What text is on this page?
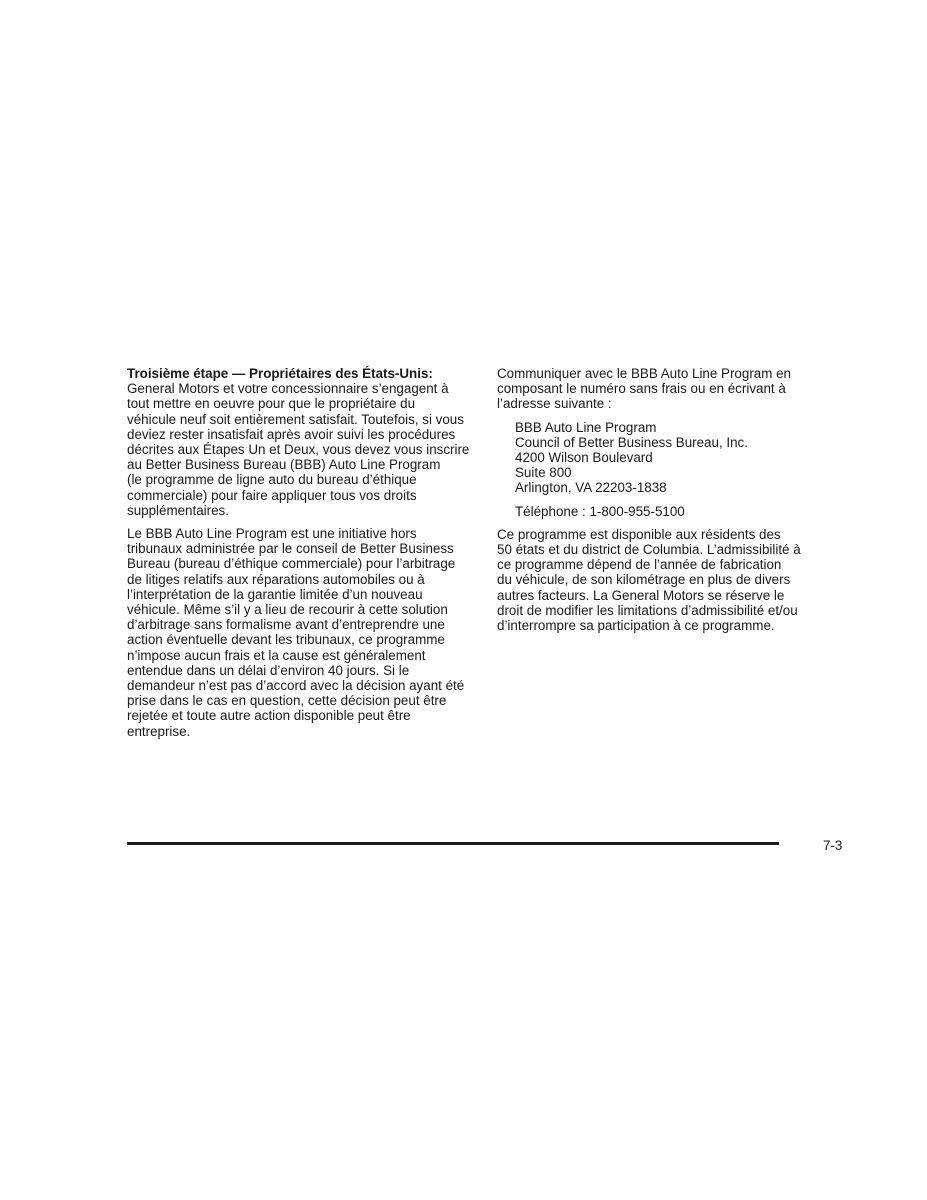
Troisième étape — Propriétaires des États-Unis:
General Motors et votre concessionnaire s’engagent à
tout mettre en oeuvre pour que le propriétaire du
véhicule neuf soit entièrement satisfait. Toutefois, si vous
deviez rester insatisfait après avoir suivi les procédures
décrites aux Étapes Un et Deux, vous devez vous inscrire
au Better Business Bureau (BBB) Auto Line Program
(le programme de ligne auto du bureau d’éthique
commerciale) pour faire appliquer tous vos droits
supplémentaires.
Le BBB Auto Line Program est une initiative hors
tribunaux administrée par le conseil de Better Business
Bureau (bureau d’éthique commerciale) pour l’arbitrage
de litiges relatifs aux réparations automobiles ou à
l’interprétation de la garantie limitée d’un nouveau
véhicule. Même s’il y a lieu de recourir à cette solution
d’arbitrage sans formalisme avant d’entreprendre une
action éventuelle devant les tribunaux, ce programme
n’impose aucun frais et la cause est généralement
entendue dans un délai d’environ 40 jours. Si le
demandeur n’est pas d’accord avec la décision ayant été
prise dans le cas en question, cette décision peut être
rejetée et toute autre action disponible peut être
entreprise.
Communiquer avec le BBB Auto Line Program en
composant le numéro sans frais ou en écrivant à
l’adresse suivante :
BBB Auto Line Program
Council of Better Business Bureau, Inc.
4200 Wilson Boulevard
Suite 800
Arlington, VA 22203-1838
Téléphone : 1-800-955-5100
Ce programme est disponible aux résidents des
50 états et du district de Columbia. L’admissibilité à
ce programme dépend de l’année de fabrication
du véhicule, de son kilométrage en plus de divers
autres facteurs. La General Motors se réserve le
droit de modifier les limitations d’admissibilité et/ou
d’interrompre sa participation à ce programme.
7-3
